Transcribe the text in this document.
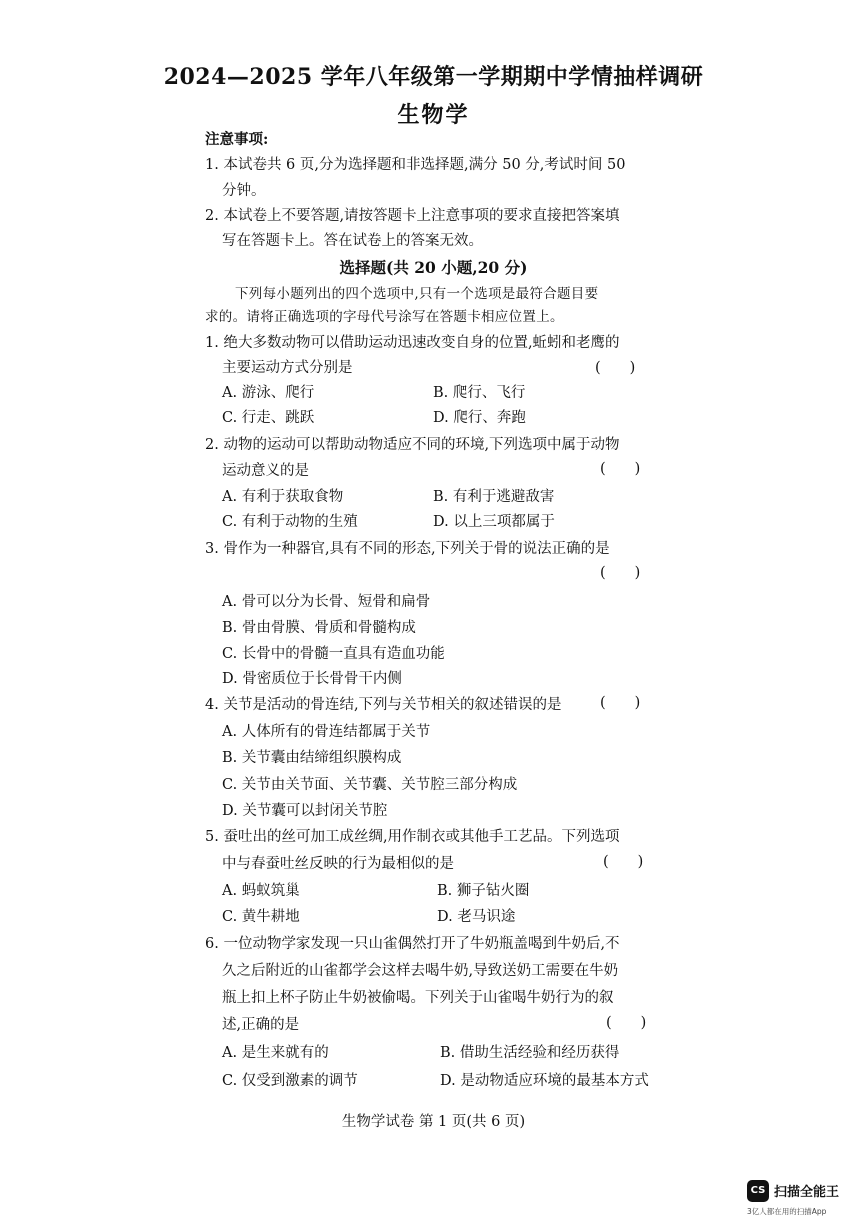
2024—2025 学年八年级第一学期期中学情抽样调研
生物学
注意事项:
1. 本试卷共 6 页,分为选择题和非选择题,满分 50 分,考试时间 50
分钟。
2. 本试卷上不要答题,请按答题卡上注意事项的要求直接把答案填
写在答题卡上。答在试卷上的答案无效。
选择题(共 20 小题,20 分)
下列每小题列出的四个选项中,只有一个选项是最符合题目要
求的。请将正确选项的字母代号涂写在答题卡相应位置上。
1. 绝大多数动物可以借助运动迅速改变自身的位置,蚯蚓和老鹰的
主要运动方式分别是	(　　)
A. 游泳、爬行	B. 爬行、飞行
C. 行走、跳跃	D. 爬行、奔跑
2. 动物的运动可以帮助动物适应不同的环境,下列选项中属于动物
运动意义的是	(　　)
A. 有利于获取食物	B. 有利于逃避敌害
C. 有利于动物的生殖	D. 以上三项都属于
3. 骨作为一种器官,具有不同的形态,下列关于骨的说法正确的是
(　　)
A. 骨可以分为长骨、短骨和扁骨
B. 骨由骨膜、骨质和骨髓构成
C. 长骨中的骨髓一直具有造血功能
D. 骨密质位于长骨骨干内侧
4. 关节是活动的骨连结,下列与关节相关的叙述错误的是	(　　)
A. 人体所有的骨连结都属于关节
B. 关节囊由结缔组织膜构成
C. 关节由关节面、关节囊、关节腔三部分构成
D. 关节囊可以封闭关节腔
5. 蚕吐出的丝可加工成丝绸,用作制衣或其他手工艺品。下列选项
中与春蚕吐丝反映的行为最相似的是	(　　)
A. 蚂蚁筑巢	B. 狮子钻火圈
C. 黄牛耕地	D. 老马识途
6. 一位动物学家发现一只山雀偶然打开了牛奶瓶盖喝到牛奶后,不
久之后附近的山雀都学会这样去喝牛奶,导致送奶工需要在牛奶
瓶上扣上杯子防止牛奶被偷喝。下列关于山雀喝牛奶行为的叙
述,正确的是	(　　)
A. 是生来就有的	B. 借助生活经验和经历获得
C. 仅受到激素的调节	D. 是动物适应环境的最基本方式
生物学试卷 第 1 页(共 6 页)
CS 扫描全能王
3亿人都在用的扫描App
